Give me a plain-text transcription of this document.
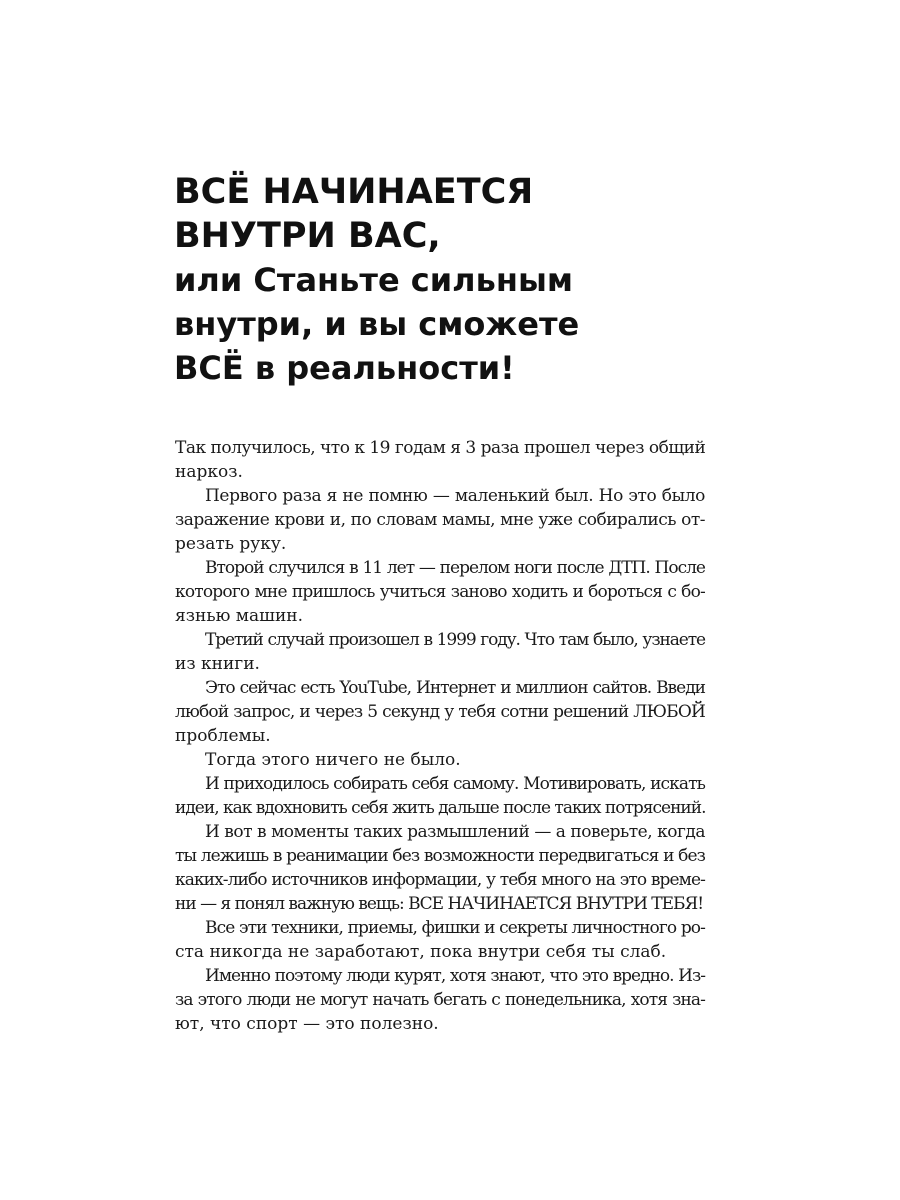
ВСЁ НАЧИНАЕТСЯ
ВНУТРИ ВАС,
или Станьте сильным
внутри, и вы сможете
ВСЁ в реальности!
Так получилось, что к 19 годам я 3 раза прошел через общий
наркоз.
Первого раза я не помню — маленький был. Но это было
заражение крови и, по словам мамы, мне уже собирались от-
резать руку.
Второй случился в 11 лет — перелом ноги после ДТП. После
которого мне пришлось учиться заново ходить и бороться с бо-
язнью машин.
Третий случай произошел в 1999 году. Что там было, узнаете
из книги.
Это сейчас есть YouTube, Интернет и миллион сайтов. Введи
любой запрос, и через 5 секунд у тебя сотни решений ЛЮБОЙ
проблемы.
Тогда этого ничего не было.
И приходилось собирать себя самому. Мотивировать, искать
идеи, как вдохновить себя жить дальше после таких потрясений.
И вот в моменты таких размышлений — а поверьте, когда
ты лежишь в реанимации без возможности передвигаться и без
каких-либо источников информации, у тебя много на это време-
ни — я понял важную вещь: ВСЕ НАЧИНАЕТСЯ ВНУТРИ ТЕБЯ!
Все эти техники, приемы, фишки и секреты личностного ро-
ста никогда не заработают, пока внутри себя ты слаб.
Именно поэтому люди курят, хотя знают, что это вредно. Из-
за этого люди не могут начать бегать с понедельника, хотя зна-
ют, что спорт — это полезно.
